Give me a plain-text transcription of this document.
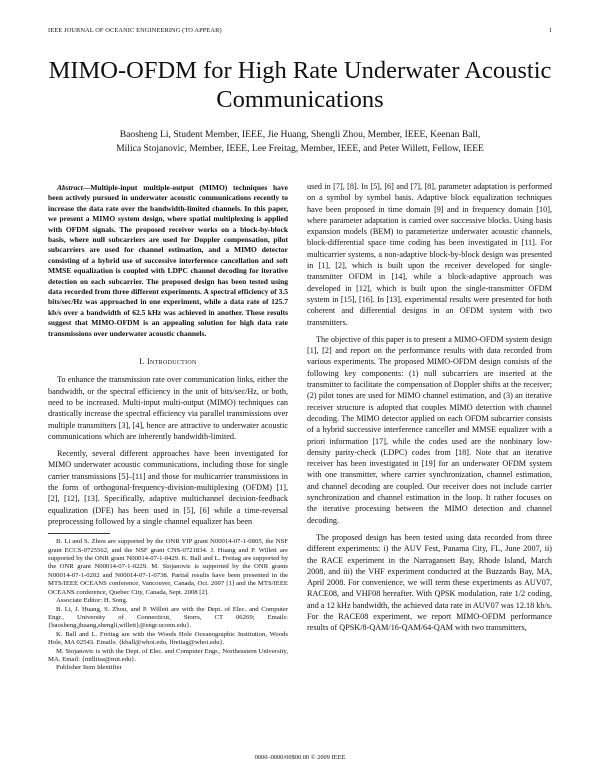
IEEE JOURNAL OF OCEANIC ENGINEERING (TO APPEAR)	1
MIMO-OFDM for High Rate Underwater Acoustic Communications
Baosheng Li, Student Member, IEEE, Jie Huang, Shengli Zhou, Member, IEEE, Keenan Ball,
Milica Stojanovic, Member, IEEE, Lee Freitag, Member, IEEE, and Peter Willett, Fellow, IEEE

Abstract—Multiple-input multiple-output (MIMO) techniques have been actively pursued in underwater acoustic communications recently to increase the data rate over the bandwidth-limited channels. In this paper, we present a MIMO system design, where spatial multiplexing is applied with OFDM signals. The proposed receiver works on a block-by-block basis, where null subcarriers are used for Doppler compensation, pilot subcarriers are used for channel estimation, and a MIMO detector consisting of a hybrid use of successive interference cancellation and soft MMSE equalization is coupled with LDPC channel decoding for iterative detection on each subcarrier. The proposed design has been tested using data recorded from three different experiments. A spectral efficiency of 3.5 bits/sec/Hz was approached in one experiment, while a data rate of 125.7 kb/s over a bandwidth of 62.5 kHz was achieved in another. These results suggest that MIMO-OFDM is an appealing solution for high data rate transmissions over underwater acoustic channels.

I. Introduction

To enhance the transmission rate over communication links, either the bandwidth, or the spectral efficiency in the unit of bits/sec/Hz, or both, need to be increased. Multi-input multi-output (MIMO) techniques can drastically increase the spectral efficiency via parallel transmissions over multiple transmitters [3], [4], hence are attractive to underwater acoustic communications which are inherently bandwidth-limited.

Recently, several different approaches have been investigated for MIMO underwater acoustic communications, including those for single carrier transmissions [5]–[11] and those for multicarrier transmissions in the form of orthogonal-frequency-division-multiplexing (OFDM) [1], [2], [12], [13]. Specifically, adaptive multichannel decision-feedback equalization (DFE) has been used in [5], [6] while a time-reversal preprocessing followed by a single channel equalizer has been

B. Li and S. Zhou are supported by the ONR YIP grant N00014-07-1-0805, the NSF grant ECCS-0725562, and the NSF grant CNS-0721834. J. Huang and P. Willett are supported by the ONR grant N00014-07-1-0429. K. Ball and L. Freitag are supported by the ONR grant N00014-07-1-0229. M. Stojanovic is supported by the ONR grants N00014-07-1-0202 and N00014-07-1-0738. Partial results have been presented in the MTS/IEEE OCEANS conference, Vancouver, Canada, Oct. 2007 [1] and the MTS/IEEE OCEANS conference, Quebec City, Canada, Sept. 2008 [2].

Associate Editor: H. Song.

B. Li, J. Huang, S. Zhou, and P. Willett are with the Dept. of Elec. and Computer Engr., University of Connecticut, Storrs, CT 06269; Emails: {baosheng,jhuang,shengli,willett}@engr.uconn.edu}.

K. Ball and L. Freitag are with the Woods Hole Oceanographic Institution, Woods Hole, MA 02543. Emails: {kball@whoi.edu, lfreitag@whoi.edu}.

M. Stojanovic is with the Dept. of Elec. and Computer Engr., Northeastern University, MA. Email: {millitsa@mit.edu}.

Publisher Item Identifier

used in [7], [8]. In [5], [6] and [7], [8], parameter adaptation is performed on a symbol by symbol basis. Adaptive block equalization techniques have been proposed in time domain [9] and in frequency domain [10], where parameter adaptation is carried over successive blocks. Using basis expansion models (BEM) to parameterize underwater acoustic channels, block-differential space time coding has been investigated in [11]. For multicarrier systems, a non-adaptive block-by-block design was presented in [1], [2], which is built upon the receiver developed for single-transmitter OFDM in [14], while a block-adaptive approach was developed in [12], which is built upon the single-transmitter OFDM system in [15], [16]. In [13], experimental results were presented for both coherent and differential designs in an OFDM system with two transmitters.

The objective of this paper is to present a MIMO-OFDM system design [1], [2] and report on the performance results with data recorded from various experiments. The proposed MIMO-OFDM design consists of the following key components: (1) null subcarriers are inserted at the transmitter to facilitate the compensation of Doppler shifts at the receiver; (2) pilot tones are used for MIMO channel estimation, and (3) an iterative receiver structure is adopted that couples MIMO detection with channel decoding. The MIMO detector applied on each OFDM subcarrier consists of a hybrid successive interference canceller and MMSE equalizer with a priori information [17], while the codes used are the nonbinary low-density parity-check (LDPC) codes from [18]. Note that an iterative receiver has been investigated in [19] for an underwater OFDM system with one transmitter, where carrier synchronization, channel estimation, and channel decoding are coupled. Our receiver does not include carrier synchronization and channel estimation in the loop. It rather focuses on the iterative processing between the MIMO detection and channel decoding.

The proposed design has been tested using data recorded from three different experiments: i) the AUV Fest, Panama City, FL, June 2007, ii) the RACE experiment in the Narragansett Bay, Rhode Island, March 2008, and iii) the VHF experiment conducted at the Buzzards Bay, MA, April 2008. For convenience, we will term these experiments as AUV07, RACE08, and VHF08 hereafter. With QPSK modulation, rate 1/2 coding, and a 12 kHz bandwidth, the achieved data rate in AUV07 was 12.18 kb/s. For the RACE08 experiment, we report MIMO-OFDM performance results of QPSK/8-QAM/16-QAM/64-QAM with two transmitters,

0000–0000/00$00.00 © 2009 IEEE
